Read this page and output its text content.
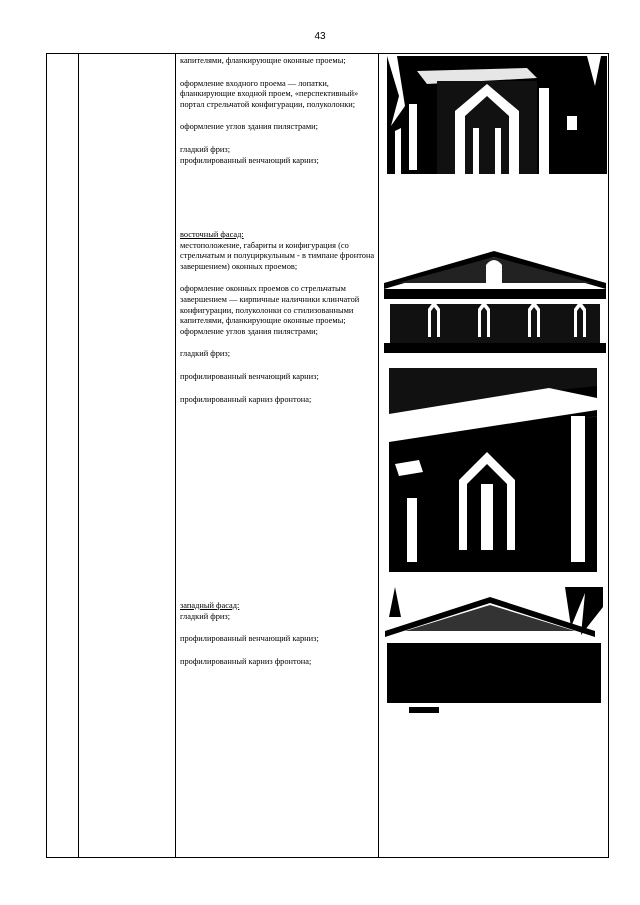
43

капителями, фланкирующие оконные проемы;

оформление входного проема — лопатки, фланкирующие входной проем, «перспективный» портал стрельчатой конфигурации, полуколонки;

оформление углов здания пилястрами;

гладкий фриз;
профилированный венчающий карниз;

восточный фасад:

местоположение, габариты и конфигурация (со стрельчатым и полуциркульным - в тимпане фронтона завершением) оконных проемов;

оформление оконных проемов со стрельчатым завершением — кирпичные наличники клинчатой конфигурации, полуколонки со стилизованными капителями, фланкирующие оконные проемы;
оформление углов здания пилястрами;

гладкий фриз;

профилированный венчающий карниз;

профилированный карниз фронтона;

западный фасад:

гладкий фриз;

профилированный венчающий карниз;

профилированный карниз фронтона;
